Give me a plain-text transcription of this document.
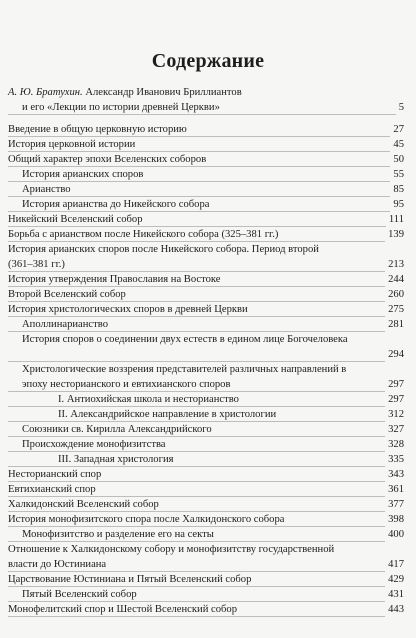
Содержание
А. Ю. Братухин. Александр Иванович Бриллиантов
и его «Лекции по истории древней Церкви»	5
Введение в общую церковную историю	27
История церковной истории	45
Общий характер эпохи Вселенских соборов	50
История арианских споров	55
Арианство	85
История арианства до Никейского собора	95
Никейский Вселенский собор	111
Борьба с арианством после Никейского собора (325–381 гг.)	139
История арианских споров после Никейского собора. Период второй (361–381 гг.)	213
История утверждения Православия на Востоке	244
Второй Вселенский собор	260
История христологических споров в древней Церкви	275
Аполлинарианство	281
История споров о соединении двух естеств в едином лице Богочеловека
294
Христологические воззрения представителей различных направлений в эпоху несторианского и евтихианского споров	297
I. Антиохийская школа и несторианство	297
II. Александрийское направление в христологии	312
Союзники св. Кирилла Александрийского	327
Происхождение монофизитства	328
III. Западная христология	335
Несторианский спор	343
Евтихианский спор	361
Халкидонский Вселенский собор	377
История монофизитского спора после Халкидонского собора	398
Монофизитство и разделение его на секты	400
Отношение к Халкидонскому собору и монофизитству государственной власти до Юстиниана	417
Царствование Юстиниана и Пятый Вселенский собор	429
Пятый Вселенский собор	431
Монофелитский спор и Шестой Вселенский собор	443
